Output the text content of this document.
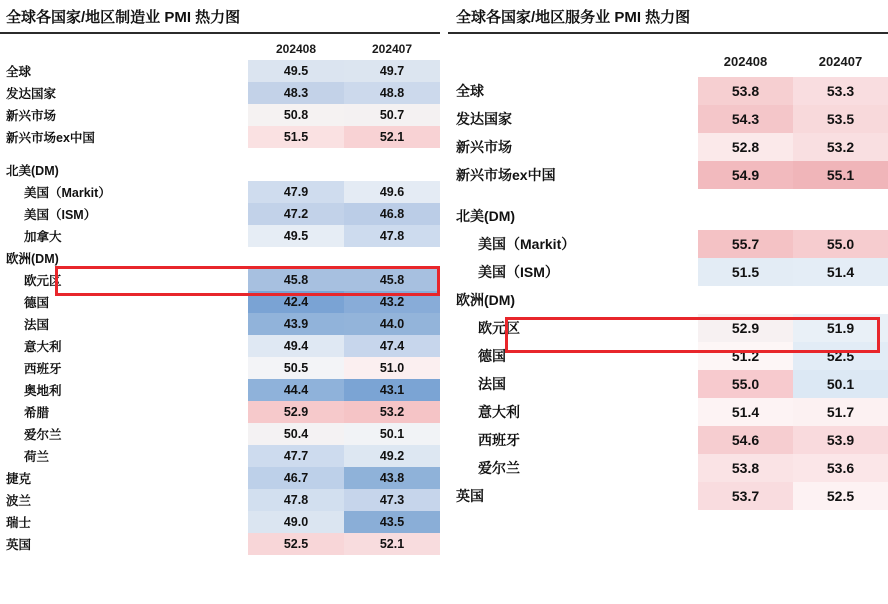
全球各国家/地区制造业 PMI 热力图
	202408	202407
全球	49.5	49.7
发达国家	48.3	48.8
新兴市场	50.8	50.7
新兴市场ex中国	51.5	52.1

北美(DM)		
美国（Markit）	47.9	49.6
美国（ISM）	47.2	46.8
加拿大	49.5	47.8
欧洲(DM)		
欧元区	45.8	45.8
德国	42.4	43.2
法国	43.9	44.0
意大利	49.4	47.4
西班牙	50.5	51.0
奥地利	44.4	43.1
希腊	52.9	53.2
爱尔兰	50.4	50.1
荷兰	47.7	49.2
捷克	46.7	43.8
波兰	47.8	47.3
瑞士	49.0	43.5
英国	52.5	52.1
全球各国家/地区服务业 PMI 热力图
	202408	202407
全球	53.8	53.3
发达国家	54.3	53.5
新兴市场	52.8	53.2
新兴市场ex中国	54.9	55.1

北美(DM)		
美国（Markit）	55.7	55.0
美国（ISM）	51.5	51.4
欧洲(DM)		
欧元区	52.9	51.9
德国	51.2	52.5
法国	55.0	50.1
意大利	51.4	51.7
西班牙	54.6	53.9
爱尔兰	53.8	53.6
英国	53.7	52.5
